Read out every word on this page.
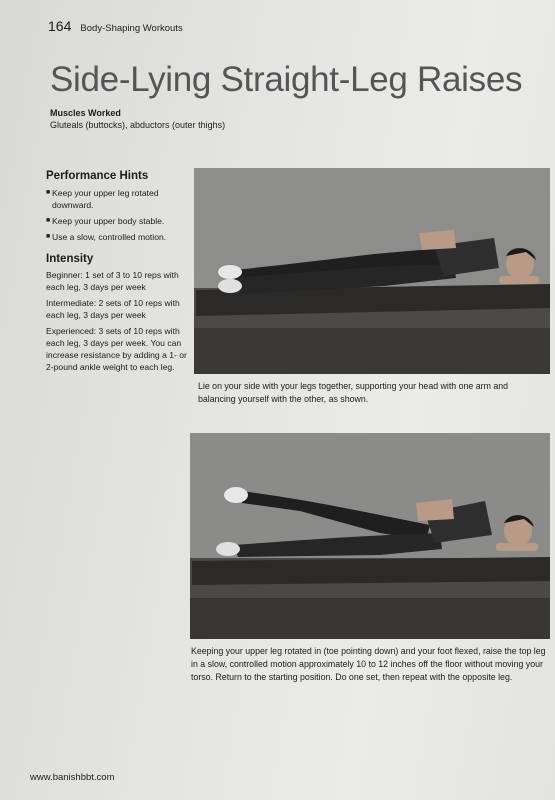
164 Body-Shaping Workouts
Side-Lying Straight-Leg Raises
Muscles Worked
Gluteals (buttocks), abductors (outer thighs)
Performance Hints
■ Keep your upper leg rotated downward.
■ Keep your upper body stable.
■ Use a slow, controlled motion.
Intensity
Beginner: 1 set of 3 to 10 reps with each leg, 3 days per week
Intermediate: 2 sets of 10 reps with each leg, 3 days per week
Experienced: 3 sets of 10 reps with each leg, 3 days per week. You can increase resistance by adding a 1- or 2-pound ankle weight to each leg.
Lie on your side with your legs together, supporting your head with one arm and balancing yourself with the other, as shown.
Keeping your upper leg rotated in (toe pointing down) and your foot flexed, raise the top leg in a slow, controlled motion approximately 10 to 12 inches off the floor without moving your torso. Return to the starting position. Do one set, then repeat with the opposite leg.
www.banishbbt.com
